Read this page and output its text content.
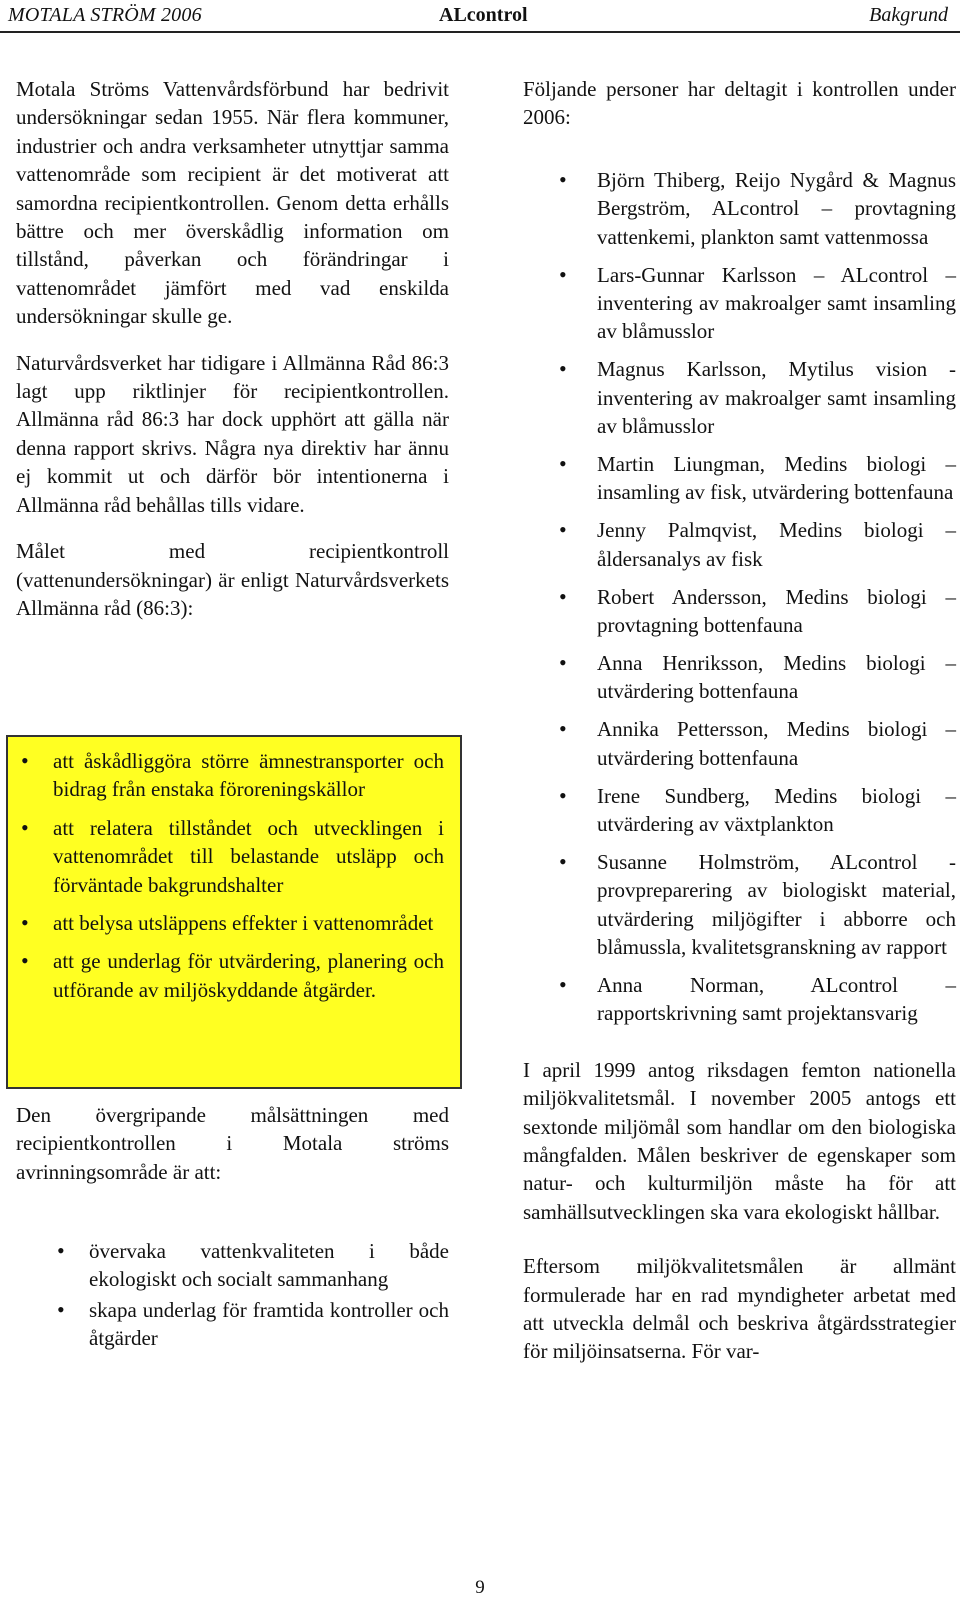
MOTALA STRÖM 2006	ALcontrol	Bakgrund

Motala Ströms Vattenvårdsförbund har bedrivit undersökningar sedan 1955. När flera kommuner, industrier och andra verksamheter utnyttjar samma vattenområde som recipient är det motiverat att samordna recipientkontrollen. Genom detta erhålls bättre och mer överskådlig information om tillstånd, påverkan och förändringar i vattenområdet jämfört med vad enskilda undersökningar skulle ge.

Naturvårdsverket har tidigare i Allmänna Råd 86:3 lagt upp riktlinjer för recipientkontrollen. Allmänna råd 86:3 har dock upphört att gälla när denna rapport skrivs. Några nya direktiv har ännu ej kommit ut och därför bör intentionerna i Allmänna råd behållas tills vidare.

Målet med recipientkontroll (vattenundersökningar) är enligt Naturvårdsverkets Allmänna råd (86:3):

• att åskådliggöra större ämnestransporter och bidrag från enstaka föroreningskällor
• att relatera tillståndet och utvecklingen i vattenområdet till belastande utsläpp och förväntade bakgrundshalter
• att belysa utsläppens effekter i vattenområdet
• att ge underlag för utvärdering, planering och utförande av miljöskyddande åtgärder.

Den övergripande målsättningen med recipientkontrollen i Motala ströms avrinningsområde är att:

• övervaka vattenkvaliteten i både ekologiskt och socialt sammanhang
• skapa underlag för framtida kontroller och åtgärder

Följande personer har deltagit i kontrollen under 2006:

• Björn Thiberg, Reijo Nygård & Magnus Bergström, ALcontrol – provtagning vattenkemi, plankton samt vattenmossa
• Lars-Gunnar Karlsson – ALcontrol – inventering av makroalger samt insamling av blåmusslor
• Magnus Karlsson, Mytilus vision - inventering av makroalger samt insamling av blåmusslor
• Martin Liungman, Medins biologi – insamling av fisk, utvärdering bottenfauna
• Jenny Palmqvist, Medins biologi – åldersanalys av fisk
• Robert Andersson, Medins biologi – provtagning bottenfauna
• Anna Henriksson, Medins biologi – utvärdering bottenfauna
• Annika Pettersson, Medins biologi –utvärdering bottenfauna
• Irene Sundberg, Medins biologi – utvärdering av växtplankton
• Susanne Holmström, ALcontrol - provpreparering av biologiskt material, utvärdering miljögifter i abborre och blåmussla, kvalitetsgranskning av rapport
• Anna Norman, ALcontrol – rapportskrivning samt projektansvarig

I april 1999 antog riksdagen femton nationella miljökvalitetsmål. I november 2005 antogs ett sextonde miljömål som handlar om den biologiska mångfalden. Målen beskriver de egenskaper som natur- och kulturmiljön måste ha för att samhällsutvecklingen ska vara ekologiskt hållbar.

Eftersom miljökvalitetsmålen är allmänt formulerade har en rad myndigheter arbetat med att utveckla delmål och beskriva åtgärdsstrategier för miljöinsatserna. För var-

9
